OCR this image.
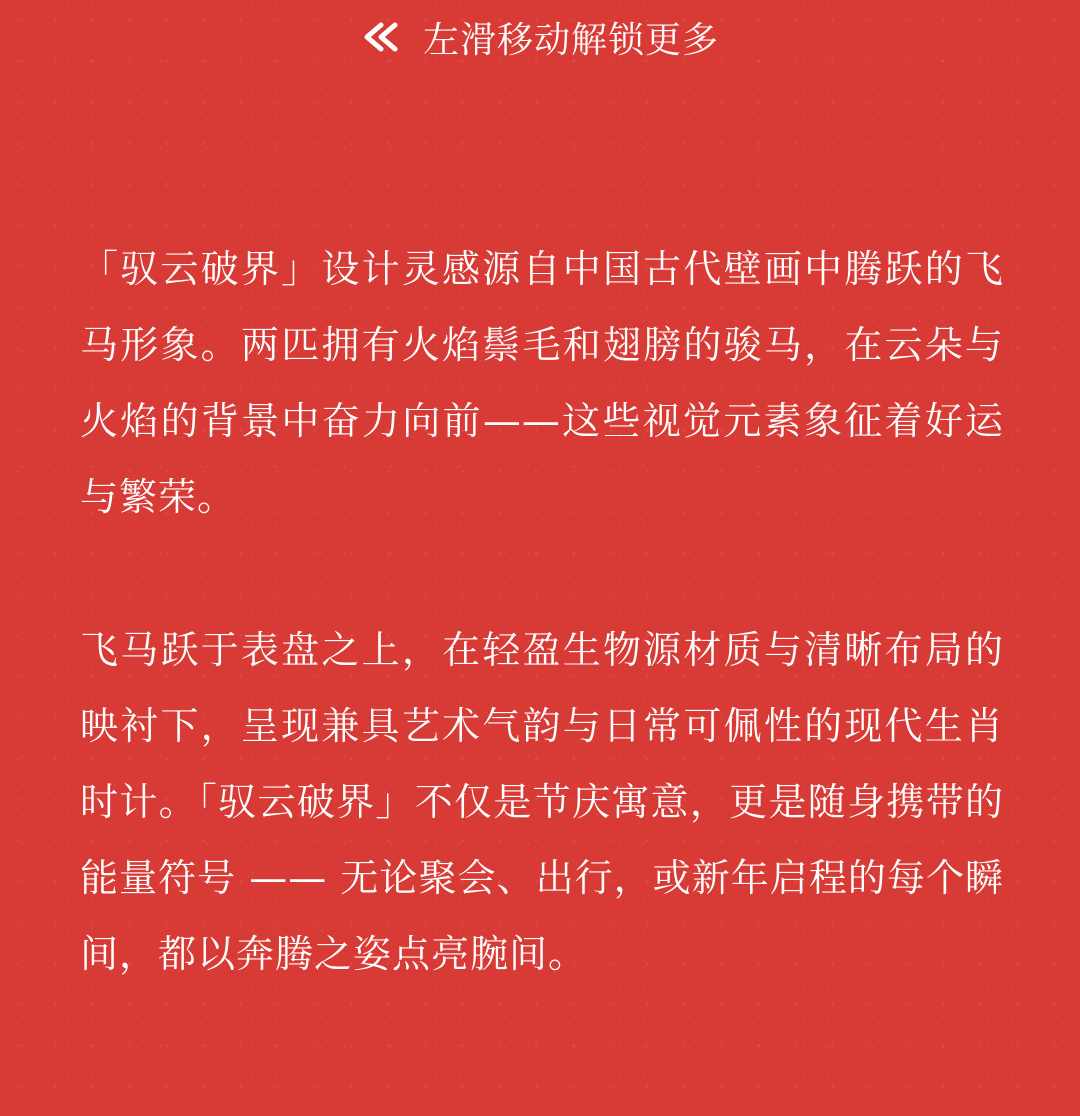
左滑移动解锁更多

「驭云破界」设计灵感源自中国古代壁画中腾跃的飞马形象。两匹拥有火焰鬃毛和翅膀的骏马，在云朵与火焰的背景中奋力向前——这些视觉元素象征着好运与繁荣。

飞马跃于表盘之上，在轻盈生物源材质与清晰布局的映衬下，呈现兼具艺术气韵与日常可佩性的现代生肖时计。「驭云破界」不仅是节庆寓意，更是随身携带的能量符号 —— 无论聚会、出行，或新年启程的每个瞬间，都以奔腾之姿点亮腕间。
